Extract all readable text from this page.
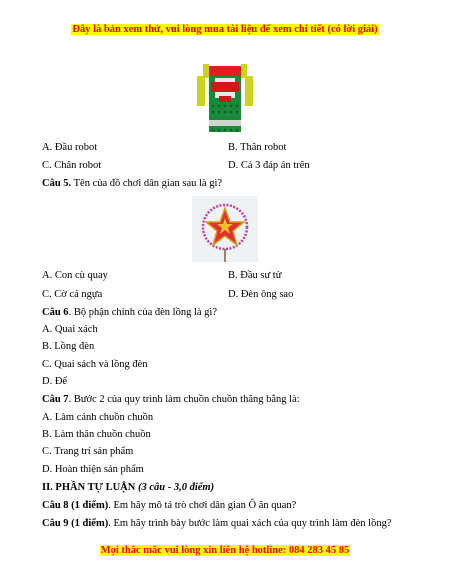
Đây là bản xem thử, vui lòng mua tài liệu để xem chi tiết (có lời giải)
A. Đầu robot	B. Thân robot
C. Chân robot	D. Cả 3 đáp án trên
Câu 5. Tên của đồ chơi dân gian sau là gì?
A. Con cù quay	B. Đầu sư tử
C. Cờ cá ngựa	D. Đèn ông sao
Câu 6. Bộ phận chính của đèn lồng là gì?
A. Quai xách
B. Lồng đèn
C. Quai sách và lồng đèn
D. Đế
Câu 7. Bước 2 của quy trình làm chuồn chuồn thăng bằng là:
A. Làm cánh chuồn chuồn
B. Làm thân chuồn chuồn
C. Trang trí sản phẩm
D. Hoàn thiện sản phẩm
II. PHẦN TỰ LUẬN (3 câu - 3,0 điểm)
Câu 8 (1 điểm). Em hãy mô tả trò chơi dân gian Ô ăn quan?
Câu 9 (1 điểm). Em hãy trình bày bước làm quai xách của quy trình làm đèn lồng?
Mọi thắc mắc vui lòng xin liên hệ hotline: 084 283 45 85
